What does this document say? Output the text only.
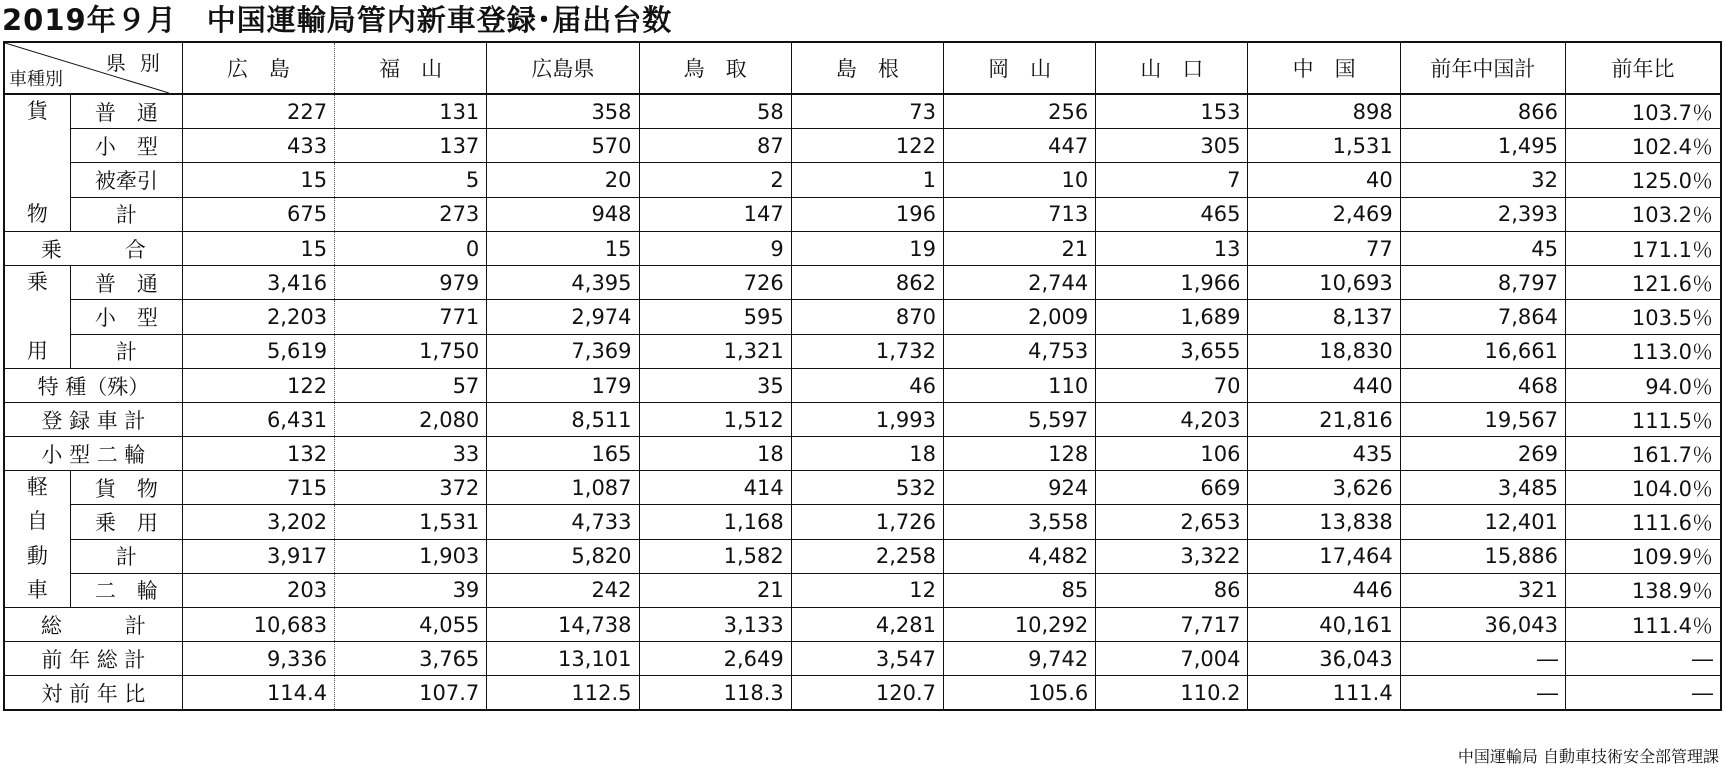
2019年９月　中国運輸局管内新車登録･届出台数
県別
車種別		広　島	福　山	広島県	鳥　取	島　根	岡　山	山　口	中　国	前年中国計	前年比

貨
物	普　通	227	131	358	58	73	256	153	898	866	103.7％
	小　型	433	137	570	87	122	447	305	1,531	1,495	102.4％
	被牽引	15	5	20	2	1	10	7	40	32	125.0％
	計	675	273	948	147	196	713	465	2,469	2,393	103.2％
乗　　　合		15	0	15	9	19	21	13	77	45	171.1％

乗
用	普　通	3,416	979	4,395	726	862	2,744	1,966	10,693	8,797	121.6％
	小　型	2,203	771	2,974	595	870	2,009	1,689	8,137	7,864	103.5％
	計	5,619	1,750	7,369	1,321	1,732	4,753	3,655	18,830	16,661	113.0％
特 種（殊）		122	57	179	35	46	110	70	440	468	94.0％
登 録 車 計		6,431	2,080	8,511	1,512	1,993	5,597	4,203	21,816	19,567	111.5％
小 型 二 輪		132	33	165	18	18	128	106	435	269	161.7％

軽
自
動
車	貨　物	715	372	1,087	414	532	924	669	3,626	3,485	104.0％
	乗　用	3,202	1,531	4,733	1,168	1,726	3,558	2,653	13,838	12,401	111.6％
	計	3,917	1,903	5,820	1,582	2,258	4,482	3,322	17,464	15,886	109.9％
	二　輪	203	39	242	21	12	85	86	446	321	138.9％
総　　　計		10,683	4,055	14,738	3,133	4,281	10,292	7,717	40,161	36,043	111.4％
前 年 総 計		9,336	3,765	13,101	2,649	3,547	9,742	7,004	36,043	―	―
対 前 年 比		114.4	107.7	112.5	118.3	120.7	105.6	110.2	111.4	―	―
中国運輸局 自動車技術安全部管理課
